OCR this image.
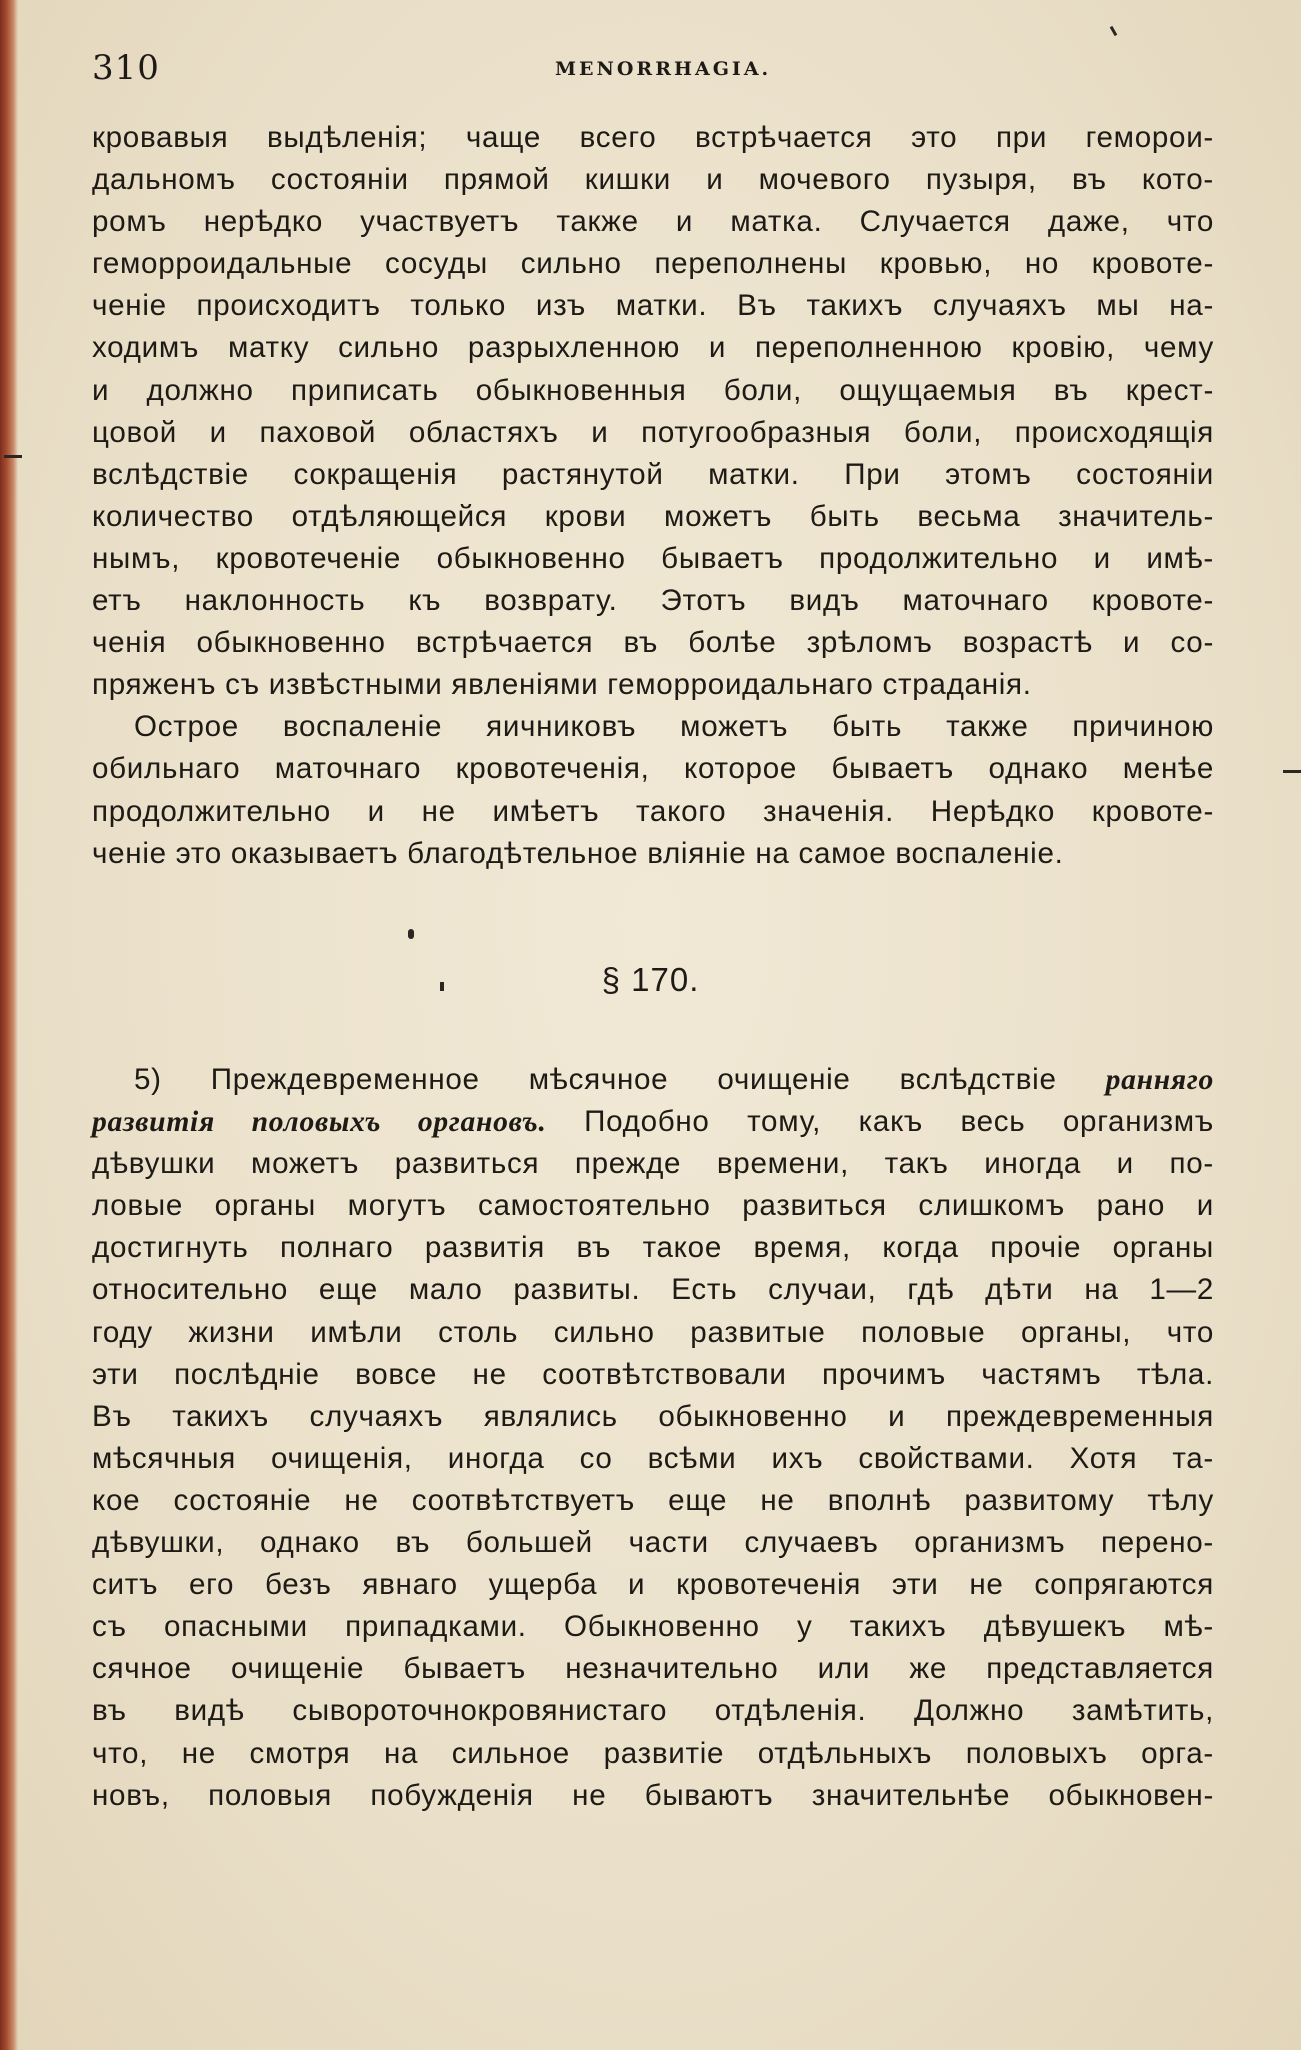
310	MENORRHAGIA.
кровавыя выдѣленія; чаще всего встрѣчается это при геморои-
дальномъ состояніи прямой кишки и мочевого пузыря, въ кото-
ромъ нерѣдко участвуетъ также и матка. Случается даже, что
геморроидальные сосуды сильно переполнены кровью, но кровоте-
ченіе происходитъ только изъ матки. Въ такихъ случаяхъ мы на-
ходимъ матку сильно разрыхленною и переполненною кровію, чему
и должно приписать обыкновенныя боли, ощущаемыя въ крест-
цовой и паховой областяхъ и потугообразныя боли, происходящія
вслѣдствіе сокращенія растянутой матки. При этомъ состояніи
количество отдѣляющейся крови можетъ быть весьма значитель-
нымъ, кровотеченіе обыкновенно бываетъ продолжительно и имѣ-
етъ наклонность къ возврату. Этотъ видъ маточнаго кровоте-
ченія обыкновенно встрѣчается въ болѣе зрѣломъ возрастѣ и со-
пряженъ съ извѣстными явленіями геморроидальнаго страданія.
Острое воспаленіе яичниковъ можетъ быть также причиною
обильнаго маточнаго кровотеченія, которое бываетъ однако менѣе
продолжительно и не имѣетъ такого значенія. Нерѣдко кровоте-
ченіе это оказываетъ благодѣтельное вліяніе на самое воспаленіе.
§ 170.
5) Преждевременное мѣсячное очищеніе вслѣдствіе ранняго
развитія половыхъ органовъ. Подобно тому, какъ весь организмъ
дѣвушки можетъ развиться прежде времени, такъ иногда и по-
ловые органы могутъ самостоятельно развиться слишкомъ рано и
достигнуть полнаго развитія въ такое время, когда прочіе органы
относительно еще мало развиты. Есть случаи, гдѣ дѣти на 1—2
году жизни имѣли столь сильно развитые половые органы, что
эти послѣдніе вовсе не соотвѣтствовали прочимъ частямъ тѣла.
Въ такихъ случаяхъ являлись обыкновенно и преждевременныя
мѣсячныя очищенія, иногда со всѣми ихъ свойствами. Хотя та-
кое состояніе не соотвѣтствуетъ еще не вполнѣ развитому тѣлу
дѣвушки, однако въ большей части случаевъ организмъ перено-
ситъ его безъ явнаго ущерба и кровотеченія эти не сопрягаются
съ опасными припадками. Обыкновенно у такихъ дѣвушекъ мѣ-
сячное очищеніе бываетъ незначительно или же представляется
въ видѣ сывороточнокровянистаго отдѣленія. Должно замѣтить,
что, не смотря на сильное развитіе отдѣльныхъ половыхъ орга-
новъ, половыя побужденія не бываютъ значительнѣе обыкновен-
